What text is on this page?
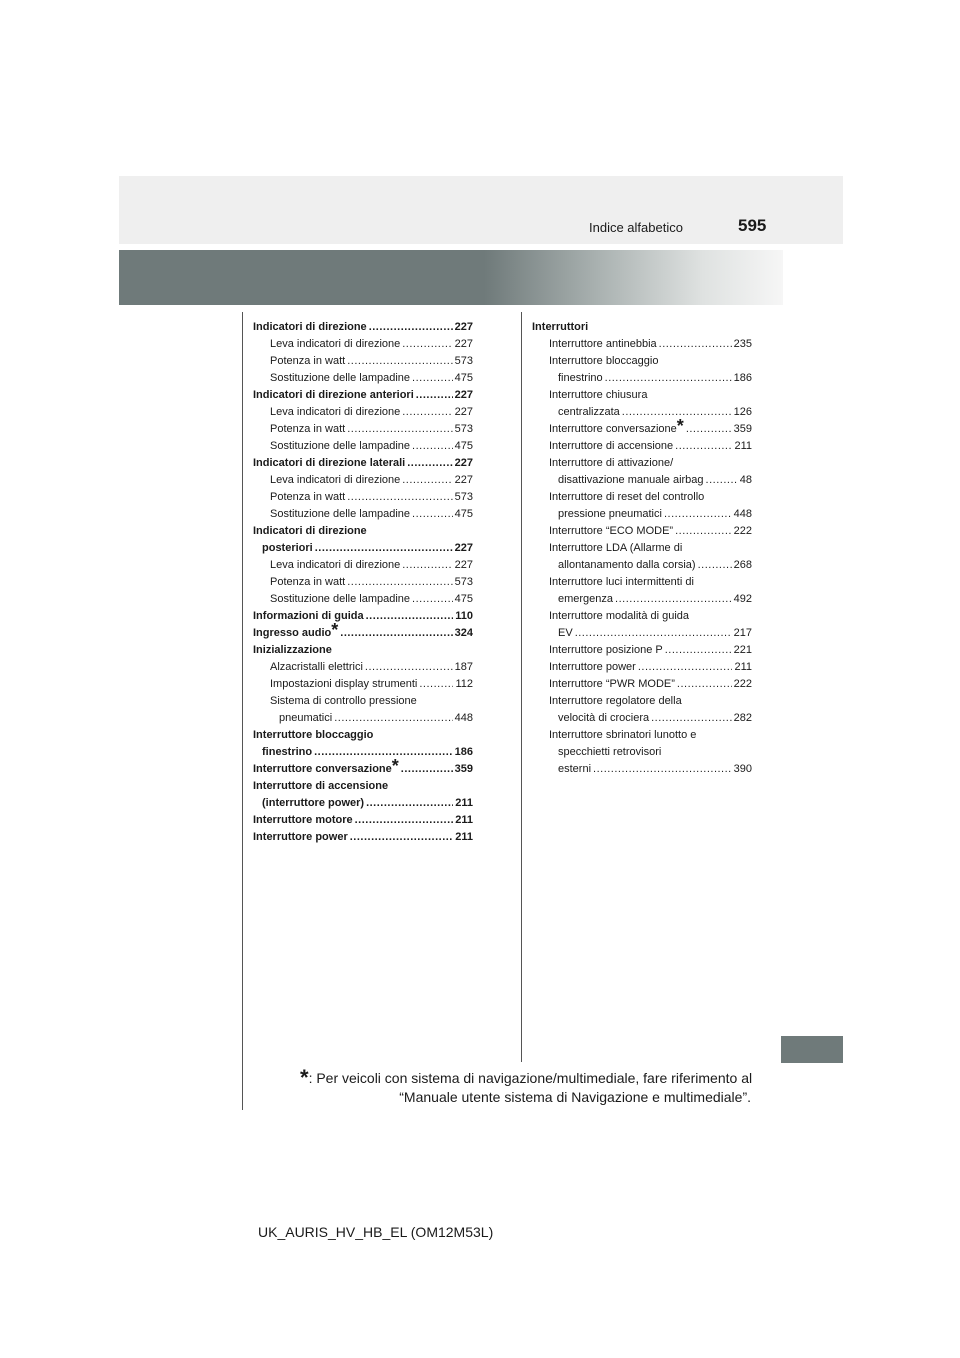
Indice alfabetico	595
Indicatori di direzione .....	227
Leva indicatori di direzione .....	227
Potenza in watt .....	573
Sostituzione delle lampadine .....	475
Indicatori di direzione anteriori .....	227
Leva indicatori di direzione .....	227
Potenza in watt .....	573
Sostituzione delle lampadine .....	475
Indicatori di direzione laterali .....	227
Leva indicatori di direzione .....	227
Potenza in watt .....	573
Sostituzione delle lampadine .....	475
Indicatori di direzione
posteriori .....	227
Leva indicatori di direzione .....	227
Potenza in watt .....	573
Sostituzione delle lampadine .....	475
Informazioni di guida .....	110
Ingresso audio * .....	324
Inizializzazione
Alzacristalli elettrici .....	187
Impostazioni display strumenti .....	112
Sistema di controllo pressione
pneumatici .....	448
Interruttore bloccaggio
finestrino .....	186
Interruttore conversazione * .....	359
Interruttore di accensione
(interruttore power) .....	211
Interruttore motore .....	211
Interruttore power .....	211
Interruttori
Interruttore antinebbia .....	235
Interruttore bloccaggio
finestrino .....	186
Interruttore chiusura
centralizzata .....	126
Interruttore conversazione * .....	359
Interruttore di accensione .....	211
Interruttore di attivazione/
disattivazione manuale airbag .....	48
Interruttore di reset del controllo
pressione pneumatici .....	448
Interruttore “ECO MODE” .....	222
Interruttore LDA (Allarme di
allontanamento dalla corsia) .....	268
Interruttore luci intermittenti di
emergenza .....	492
Interruttore modalità di guida
EV .....	217
Interruttore posizione P .....	221
Interruttore power .....	211
Interruttore “PWR MODE” .....	222
Interruttore regolatore della
velocità di crociera .....	282
Interruttore sbrinatori lunotto e
specchietti retrovisori
esterni .....	390
*: Per veicoli con sistema di navigazione/multimediale, fare riferimento al
“Manuale utente sistema di Navigazione e multimediale”.
UK_AURIS_HV_HB_EL (OM12M53L)
